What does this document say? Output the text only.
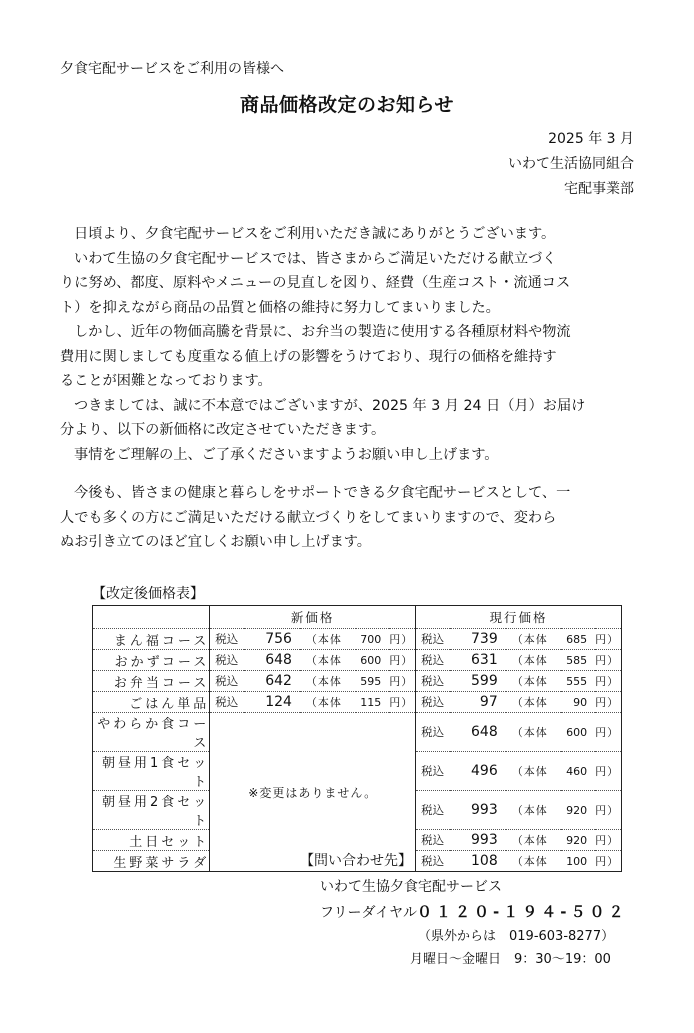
夕食宅配サービスをご利用の皆様へ
商品価格改定のお知らせ
2025 年 3 月
いわて生活協同組合
宅配事業部
日頃より、夕食宅配サービスをご利用いただき誠にありがとうございます。
いわて生協の夕食宅配サービスでは、皆さまからご満足いただける献立づく
りに努め、都度、原料やメニューの見直しを図り、経費（生産コスト・流通コス
ト）を抑えながら商品の品質と価格の維持に努力してまいりました。
しかし、近年の物価高騰を背景に、お弁当の製造に使用する各種原材料や物流
費用に関しましても度重なる値上げの影響をうけており、現行の価格を維持す
ることが困難となっております。
つきましては、誠に不本意ではございますが、2025 年 3 月 24 日（月）お届け
分より、以下の新価格に改定させていただきます。
事情をご理解の上、ご了承くださいますようお願い申し上げます。
今後も、皆さまの健康と暮らしをサポートできる夕食宅配サービスとして、一
人でも多くの方にご満足いただける献立づくりをしてまいりますので、変わら
ぬお引き立てのほど宜しくお願い申し上げます。
【改定後価格表】
	新価格					現行価格				
まん福コース	税込	756	（本体	700	円）	税込	739	（本体	685	円）
おかずコース	税込	648	（本体	600	円）	税込	631	（本体	585	円）
お弁当コース	税込	642	（本体	595	円）	税込	599	（本体	555	円）
ごはん単品	税込	124	（本体	115	円）	税込	97	（本体	90	円）
やわらか食コース	※変更はありません。					税込	648	（本体	600	円）
朝昼用1食セット						税込	496	（本体	460	円）
朝昼用2食セット						税込	993	（本体	920	円）
土日セット						税込	993	（本体	920	円）
生野菜サラダ						税込	108	（本体	100	円）
【問い合わせ先】
いわて生協夕食宅配サービス
フリーダイヤル０１２０-１９４-５０２
（県外からは　019-603-8277）
月曜日～金曜日　9：30～19：00
